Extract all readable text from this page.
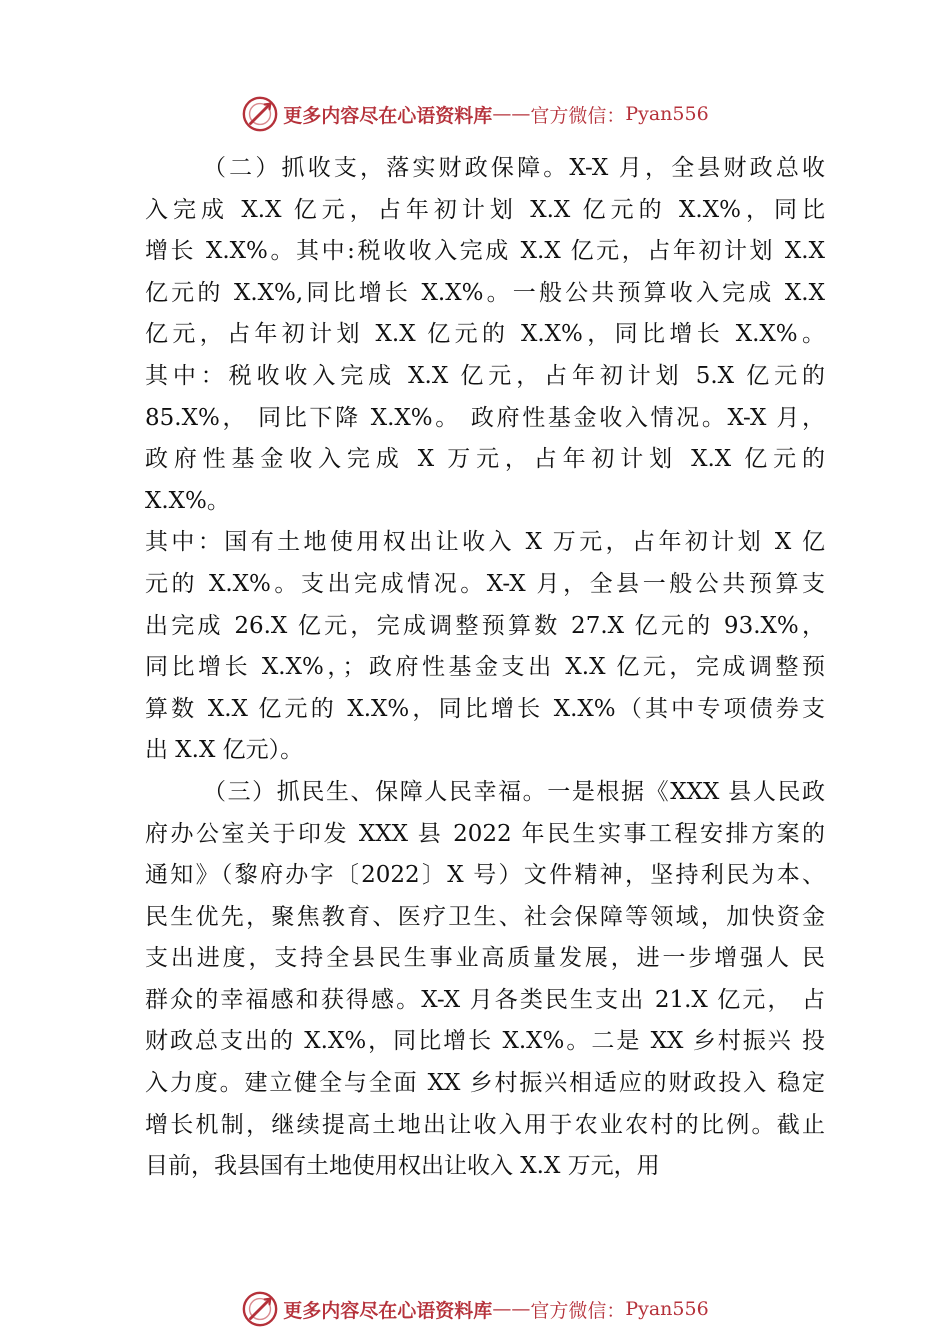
更多内容尽在心语资料库 —— 官方微信： Pyan556

（二）抓收支，落实财政保障。X-X 月，全县财政总收
入完成 X.X 亿元，占年初计划 X.X 亿元的 X.X%，同比
增长 X.X%。其中:税收收入完成 X.X 亿元，占年初计划 X.X
亿元的 X.X%,同比增长 X.X%。一般公共预算收入完成 X.X
亿元，占年初计划 X.X 亿元的 X.X%，同比增长 X.X%。
其中：税收收入完成 X.X 亿元，占年初计划 5.X 亿元的
85.X%， 同比下降 X.X%。 政府性基金收入情况。X-X 月，
政府性基金收入完成 X 万元，占年初计划 X.X 亿元的
X.X%。

其中：国有土地使用权出让收入 X 万元，占年初计划 X 亿
元的 X.X%。支出完成情况。X-X 月，全县一般公共预算支
出完成 26.X 亿元，完成调整预算数 27.X 亿元的 93.X%，
同比增长 X.X%，；政府性基金支出 X.X 亿元，完成调整预
算数 X.X 亿元的 X.X%，同比增长 X.X%（其中专项债券支
出 X.X 亿元）。

（三）抓民生、保障人民幸福。一是根据《XXX 县人民政
府办公室关于印发 XXX 县 2022 年民生实事工程安排方案的
通知》（黎府办字〔2022〕X 号）文件精神，坚持利民为本、
民生优先，聚焦教育、医疗卫生、社会保障等领域，加快资金
支出进度，支持全县民生事业高质量发展，进一步增强人 民
群众的幸福感和获得感。X-X 月各类民生支出 21.X 亿元， 占
财政总支出的 X.X%，同比增长 X.X%。二是 XX 乡村振兴 投
入力度。建立健全与全面 XX 乡村振兴相适应的财政投入 稳定
增长机制，继续提高土地出让收入用于农业农村的比例。截止
目前，我县国有土地使用权出让收入 X.X 万元，用

更多内容尽在心语资料库 —— 官方微信： Pyan556
